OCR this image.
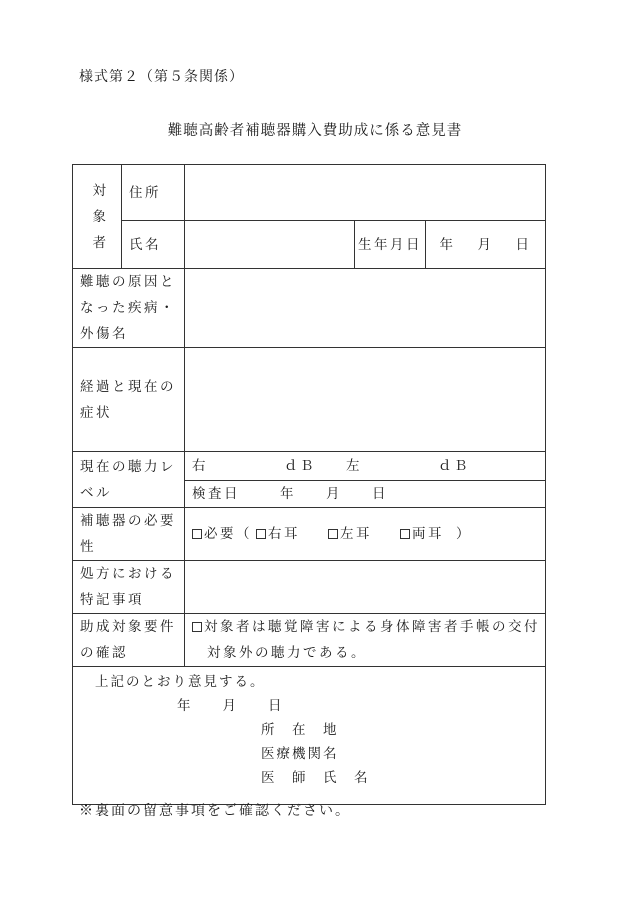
様式第２（第５条関係）
難聴高齢者補聴器購入費助成に係る意見書
対象者	住所			
	氏名		生年月日	年 月 日
難聴の原因となった疾病・外傷名				
経過と現在の症状				
現在の聴力レベル		右 ｄＢ 左 ｄＢ		
		検査日 年 月 日		
補聴器の必要性		必要（ 右耳 左耳 両耳 ）		
処方における特記事項				
助成対象要件の確認		対象者は聴覚障害による身体障害者手帳の交付
対象外の聴力である。		

上記のとおり意見する。
年 月 日
所　在　地
医療機関名
医　師　氏　名				
※裏面の留意事項をご確認ください。
